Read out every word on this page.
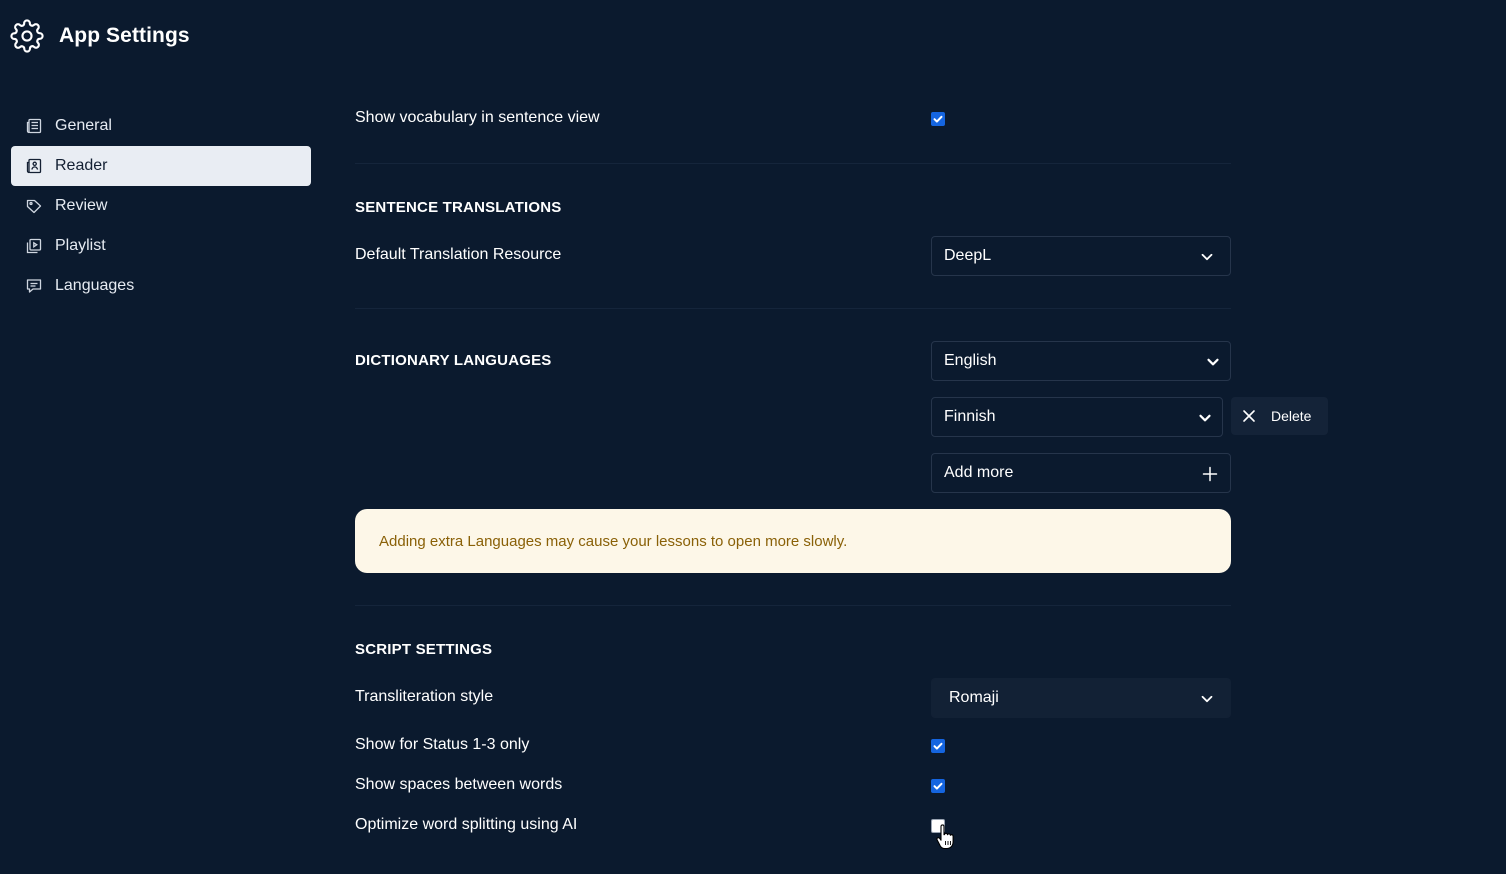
App Settings
General
Reader
Review
Playlist
Languages
Show vocabulary in sentence view
SENTENCE TRANSLATIONS
Default Translation Resource	DeepL
DICTIONARY LANGUAGES	English
Finnish	Delete
Add more
Adding extra Languages may cause your lessons to open more slowly.
SCRIPT SETTINGS
Transliteration style	Romaji
Show for Status 1-3 only
Show spaces between words
Optimize word splitting using AI
